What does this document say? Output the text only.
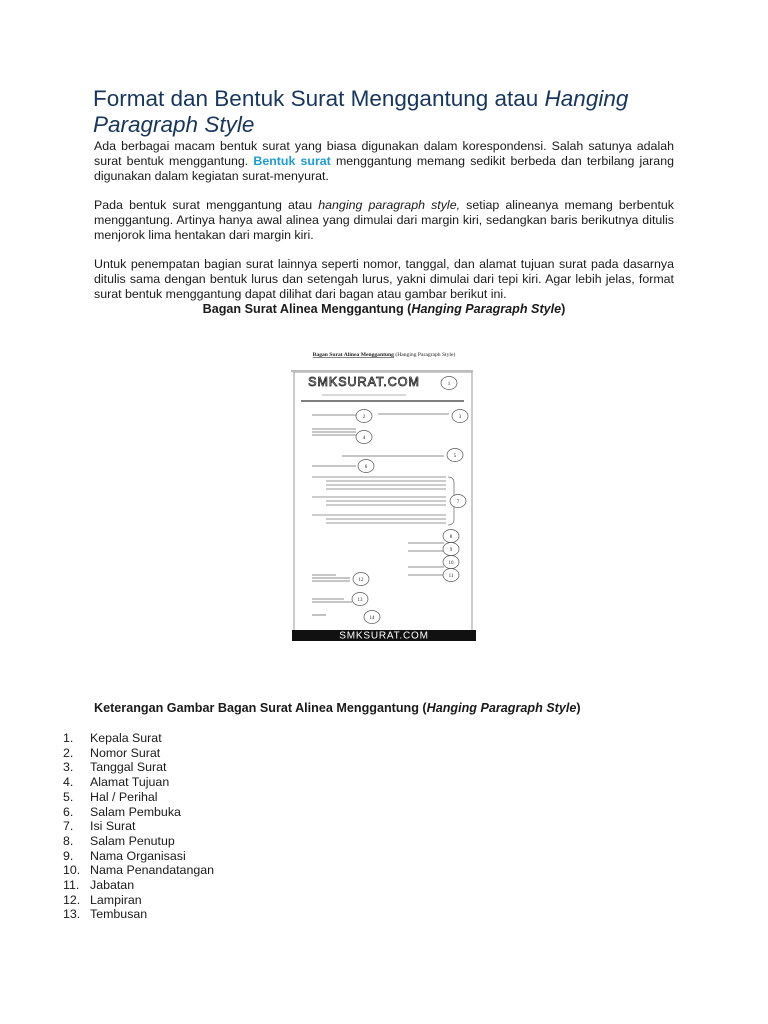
Format dan Bentuk Surat Menggantung atau Hanging Paragraph Style

Ada berbagai macam bentuk surat yang biasa digunakan dalam korespondensi. Salah satunya adalah surat bentuk menggantung. Bentuk surat menggantung memang sedikit berbeda dan terbilang jarang digunakan dalam kegiatan surat-menyurat.

Pada bentuk surat menggantung atau hanging paragraph style, setiap alineanya memang berbentuk menggantung. Artinya hanya awal alinea yang dimulai dari margin kiri, sedangkan baris berikutnya ditulis menjorok lima hentakan dari margin kiri.

Untuk penempatan bagian surat lainnya seperti nomor, tanggal, dan alamat tujuan surat pada dasarnya ditulis sama dengan bentuk lurus dan setengah lurus, yakni dimulai dari tepi kiri. Agar lebih jelas, format surat bentuk menggantung dapat dilihat dari bagan atau gambar berikut ini.

Bagan Surat Alinea Menggantung (Hanging Paragraph Style)

Bagan Surat Alinea Menggantung (Hanging Paragraph Style)
SMKSURAT.COM	1
2	3
4
5
6
7
8
9
10
11
12
13
14
SMKSURAT.COM

Keterangan Gambar Bagan Surat Alinea Menggantung (Hanging Paragraph Style)

1.	Kepala Surat
2.	Nomor Surat
3.	Tanggal Surat
4.	Alamat Tujuan
5.	Hal / Perihal
6.	Salam Pembuka
7.	Isi Surat
8.	Salam Penutup
9.	Nama Organisasi
10. Nama Penandatangan
11. Jabatan
12. Lampiran
13. Tembusan
